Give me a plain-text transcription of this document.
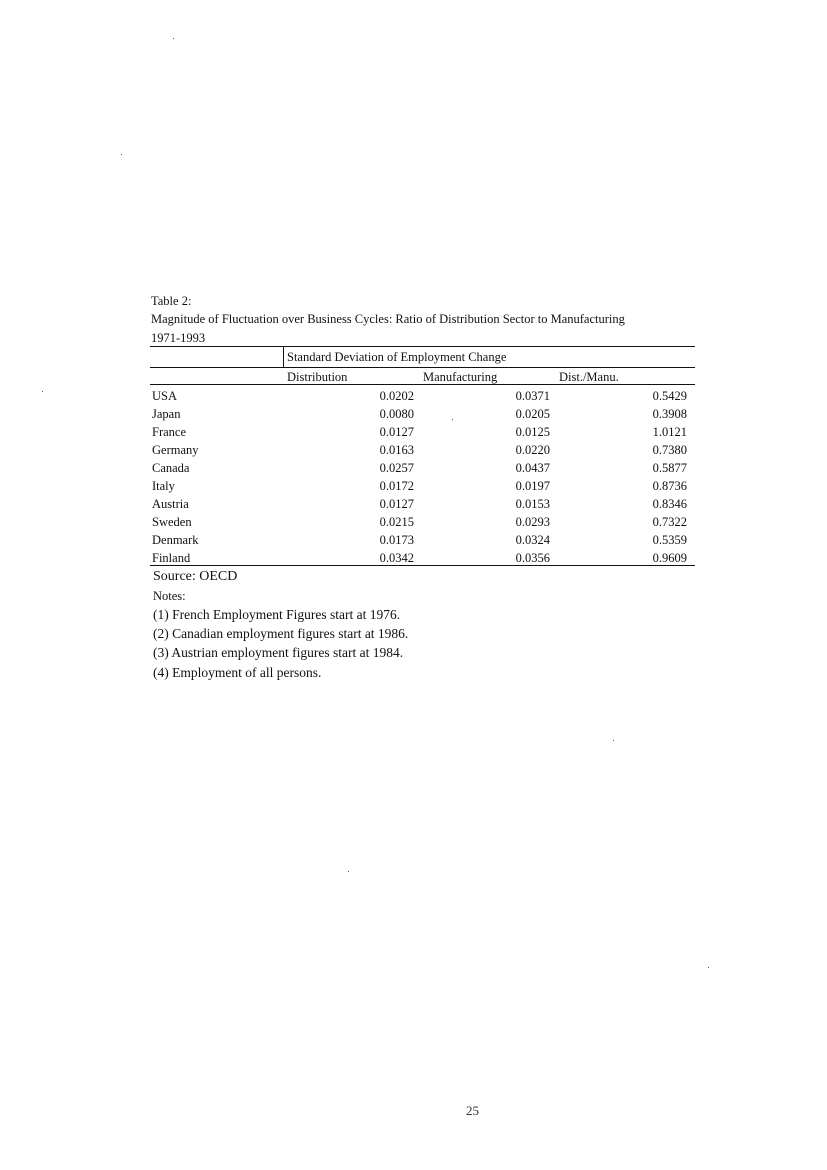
Table 2:
Magnitude of Fluctuation over Business Cycles: Ratio of Distribution Sector to Manufacturing
1971-1993
Standard Deviation of Employment Change
Distribution	Manufacturing	Dist./Manu.
USA	0.0202	0.0371	0.5429
Japan	0.0080	0.0205	0.3908
France	0.0127	0.0125	1.0121
Germany	0.0163	0.0220	0.7380
Canada	0.0257	0.0437	0.5877
Italy	0.0172	0.0197	0.8736
Austria	0.0127	0.0153	0.8346
Sweden	0.0215	0.0293	0.7322
Denmark	0.0173	0.0324	0.5359
Finland	0.0342	0.0356	0.9609
Source: OECD
Notes:
(1) French Employment Figures start at 1976.
(2) Canadian employment figures start at 1986.
(3) Austrian employment figures start at 1984.
(4) Employment of all persons.
25
